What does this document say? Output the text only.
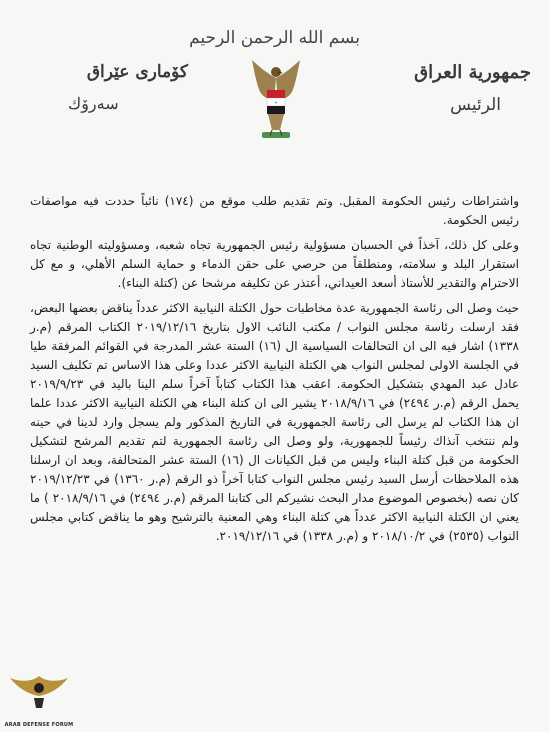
بسم الله الرحمن الرحيم
جمهورية العراق
الرئيس
✦
كۆماری عێراق
سەرۆك

واشتراطات رئيس الحكومة المقبل. وتم تقديم طلب موقع من (١٧٤) نائباً حددت فيه مواصفات رئيس الحكومة.

وعلى كل ذلك، آخذاً في الحسبان مسؤولية رئيس الجمهورية تجاه شعبه، ومسؤوليته الوطنية تجاه استقرار البلد و سلامته، ومنطلقاً من حرصي على حقن الدماء و حماية السلم الأهلي، و مع كل الاحترام والتقدير للأستاذ أسعد العيداني، أعتذر عن تكليفه مرشحا عن (كتلة البناء).

حيث وصل الى رئاسة الجمهورية عدة مخاطبات حول الكتلة النيابية الاكثر عدداً يناقض بعضها البعض، فقد ارسلت رئاسة مجلس النواب / مكتب النائب الاول بتاريخ ٢٠١٩/١٢/١٦ الكتاب المرقم (م.ر ١٣٣٨) اشار فيه الى ان التحالفات السياسية ال (١٦) الستة عشر المدرجة في القوائم المرفقة طيا في الجلسة الاولى لمجلس النواب هي الكتلة النيابية الاكثر عددا وعلى هذا الاساس تم تكليف السيد عادل عبد المهدي بتشكيل الحكومة. اعقب هذا الكتاب كتاباً آخراً سلم الينا باليد في ٢٠١٩/٩/٢٣ يحمل الرقم (م.ر ٢٤٩٤) في ٢٠١٨/٩/١٦ يشير الى ان كتلة البناء هي الكتلة النيابية الاكثر عددا علما ان هذا الكتاب لم يرسل الى رئاسة الجمهورية في التاريخ المذكور ولم يسجل وارد لدينا في حينه ولم ننتخب آنذاك رئيساً للجمهورية، ولو وصل الى رئاسة الجمهورية لتم تقديم المرشح لتشكيل الحكومة من قبل كتلة البناء وليس من قبل الكيانات ال (١٦) الستة عشر المتحالفة، وبعد ان ارسلنا هذه الملاحظات أرسل السيد رئيس مجلس النواب كتابا آخراً ذو الرقم (م.ر ١٣٦٠) في ٢٠١٩/١٢/٢٣ كان نصه (بخصوص الموضوع مدار البحث نشيركم الى كتابنا المرقم (م.ر ٢٤٩٤) في ٢٠١٨/٩/١٦ ) ما يعني ان الكتلة النيابية الاكثر عدداً هي كتلة البناء وهي المعنية بالترشيح وهو ما يناقض كتابي مجلس النواب (٢٥٣٥) في ٢٠١٨/١٠/٢ و (م.ر ١٣٣٨) في ٢٠١٩/١٢/١٦.

ARAB DEFENSE FORUM
